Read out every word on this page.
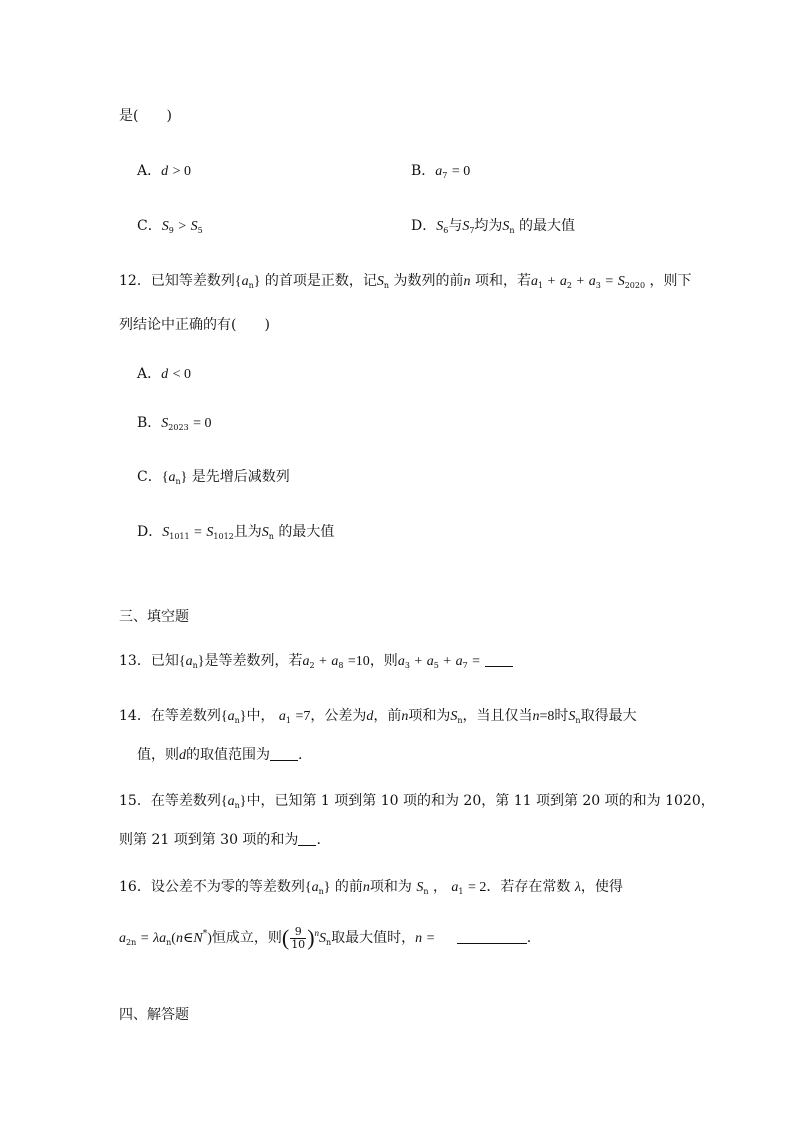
是(　　)
A．d > 0	B．$a_7 = 0$
C．$S_9 > S_5$	D．$S_6$与$S_7$均为$S_n$ 的最大值
12．已知等差数列$\{a_n\}$ 的首项是正数，记$S_n$ 为数列的前n 项和，若$a_1 + a_2 + a_3 = S_{2020}$ ，则下
列结论中正确的有(　　)
A．d < 0
B．$S_{2023} = 0$
C．$\{a_n\}$ 是先增后减数列
D．$S_{1011} = S_{1012}$且为$S_n$ 的最大值
三、填空题
13．已知$\{a_n\}$是等差数列，若$a_2 + a_8 =10$，则$a_3 + a_5 + a_7$ =
14．在等差数列$\{a_n\}$中， $a_1 =7$，公差为d，前n项和为$S_n$，当且仅当n=8时$S_n$取得最大
值，则d的取值范围为 .
15．在等差数列$\{a_n\}$中，已知第 1 项到第 10 项的和为 20，第 11 项到第 20 项的和为 1020，
则第 21 项到第 30 项的和为 .
16．设公差不为零的等差数列$\{a_n\}$ 的前n项和为 $S_n$ ， $a_1 = 2$．若存在常数 λ，使得
$a_{2n}$ = $\lambda a_n(n\in N^*)$恒成立，则( $\frac{9}{10} )^nS_n$取最大值时，n =	.
四、解答题
